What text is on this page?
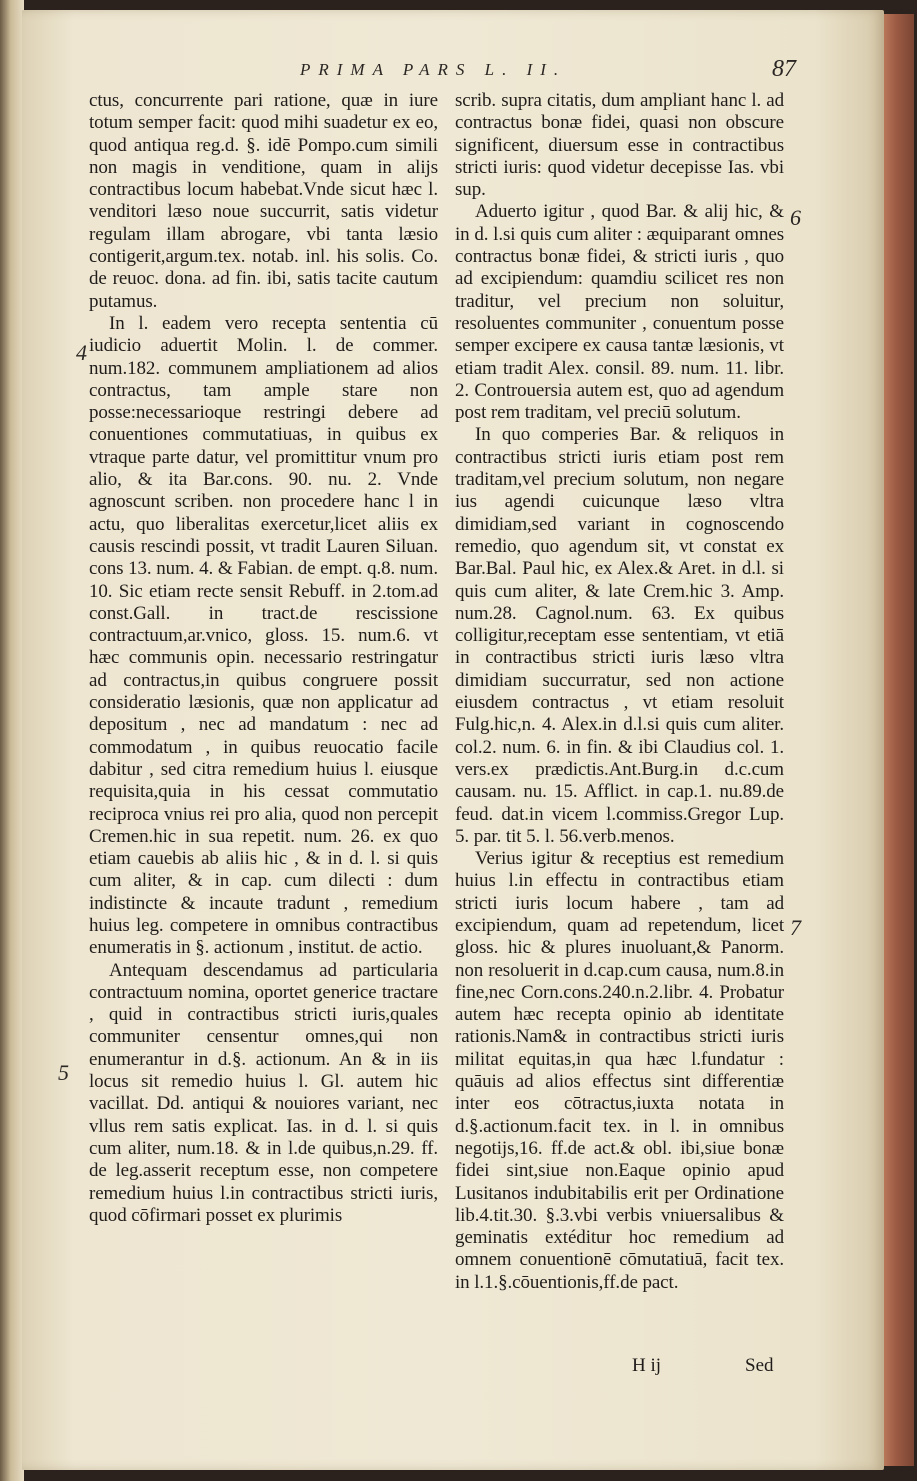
PRIMA PARS L. II.	87

ctus, concurrente pari ratione, quæ in iure totum semper facit: quod mihi suadetur ex eo, quod antiqua reg.d. §. idē Pompo.cum simili non magis in venditione, quam in alijs contractibus locum habebat.Vnde sicut hæc l. venditori læso noue succurrit, satis videtur regulam illam abrogare, vbi tanta læsio contigerit,argum.tex. notab. inl. his solis. Co. de reuoc. dona. ad fin. ibi, satis tacite cautum putamus.

In l. eadem vero recepta sententia cū iudicio aduertit Molin. l. de commer. num.182. communem ampliationem ad alios contractus, tam ample stare non posse:necessarioque restringi debere ad conuentiones commutatiuas, in quibus ex vtraque parte datur, vel promittitur vnum pro alio, & ita Bar.cons. 90. nu. 2. Vnde agnoscunt scriben. non procedere hanc l in actu, quo liberalitas exercetur,licet aliis ex causis rescindi possit, vt tradit Lauren Siluan. cons 13. num. 4. & Fabian. de empt. q.8. num. 10. Sic etiam recte sensit Rebuff. in 2.tom.ad const.Gall. in tract.de rescissione contractuum,ar.vnico, gloss. 15. num.6. vt hæc communis opin. necessario restringatur ad contractus,in quibus congruere possit consideratio læsionis, quæ non applicatur ad depositum , nec ad mandatum : nec ad commodatum , in quibus reuocatio facile dabitur , sed citra remedium huius l. eiusque requisita,quia in his cessat commutatio reciproca vnius rei pro alia, quod non percepit Cremen.hic in sua repetit. num. 26. ex quo etiam cauebis ab aliis hic , & in d. l. si quis cum aliter, & in cap. cum dilecti : dum indistincte & incaute tradunt , remedium huius leg. competere in omnibus contractibus enumeratis in §. actionum , institut. de actio.

Antequam descendamus ad particularia contractuum nomina, oportet generice tractare , quid in contractibus stricti iuris,quales communiter censentur omnes,qui non enumerantur in d.§. actionum. An & in iis locus sit remedio huius l. Gl. autem hic vacillat. Dd. antiqui & nouiores variant, nec vllus rem satis explicat. Ias. in d. l. si quis cum aliter, num.18. & in l.de quibus,n.29. ff. de leg.asserit receptum esse, non competere remedium huius l.in contractibus stricti iuris, quod cōfirmari posset ex plurimis

scrib. supra citatis, dum ampliant hanc l. ad contractus bonæ fidei, quasi non obscure significent, diuersum esse in contractibus stricti iuris: quod videtur decepisse Ias. vbi sup.

Aduerto igitur , quod Bar. & alij hic, & in d. l.si quis cum aliter : æquiparant omnes contractus bonæ fidei, & stricti iuris , quo ad excipiendum: quamdiu scilicet res non traditur, vel precium non soluitur, resoluentes communiter , conuentum posse semper excipere ex causa tantæ læsionis, vt etiam tradit Alex. consil. 89. num. 11. libr. 2. Controuersia autem est, quo ad agendum post rem traditam, vel preciū solutum.

In quo comperies Bar. & reliquos in contractibus stricti iuris etiam post rem traditam,vel precium solutum, non negare ius agendi cuicunque læso vltra dimidiam,sed variant in cognoscendo remedio, quo agendum sit, vt constat ex Bar.Bal. Paul hic, ex Alex.& Aret. in d.l. si quis cum aliter, & late Crem.hic 3. Amp. num.28. Cagnol.num. 63. Ex quibus colligitur,receptam esse sententiam, vt etiā in contractibus stricti iuris læso vltra dimidiam succurratur, sed non actione eiusdem contractus , vt etiam resoluit Fulg.hic,n. 4. Alex.in d.l.si quis cum aliter. col.2. num. 6. in fin. & ibi Claudius col. 1. vers.ex prædictis.Ant.Burg.in d.c.cum causam. nu. 15. Afflict. in cap.1. nu.89.de feud. dat.in vicem l.commiss.Gregor Lup. 5. par. tit 5. l. 56.verb.menos.

Verius igitur & receptius est remedium huius l.in effectu in contractibus etiam stricti iuris locum habere , tam ad excipiendum, quam ad repetendum, licet gloss. hic & plures inuoluant,& Panorm. non resoluerit in d.cap.cum causa, num.8.in fine,nec Corn.cons.240.n.2.libr. 4. Probatur autem hæc recepta opinio ab identitate rationis.Nam& in contractibus stricti iuris militat equitas,in qua hæc l.fundatur : quāuis ad alios effectus sint differentiæ inter eos cōtractus,iuxta notata in d.§.actionum.facit tex. in l. in omnibus negotijs,16. ff.de act.& obl. ibi,siue bonæ fidei sint,siue non.Eaque opinio apud Lusitanos indubitabilis erit per Ordinatione lib.4.tit.30. §.3.vbi verbis vniuersalibus & geminatis extéditur hoc remedium ad omnem conuentionē cōmutatiuā, facit tex. in l.1.§.cōuentionis,ff.de pact.

4
5
6
7
H ij	Sed
